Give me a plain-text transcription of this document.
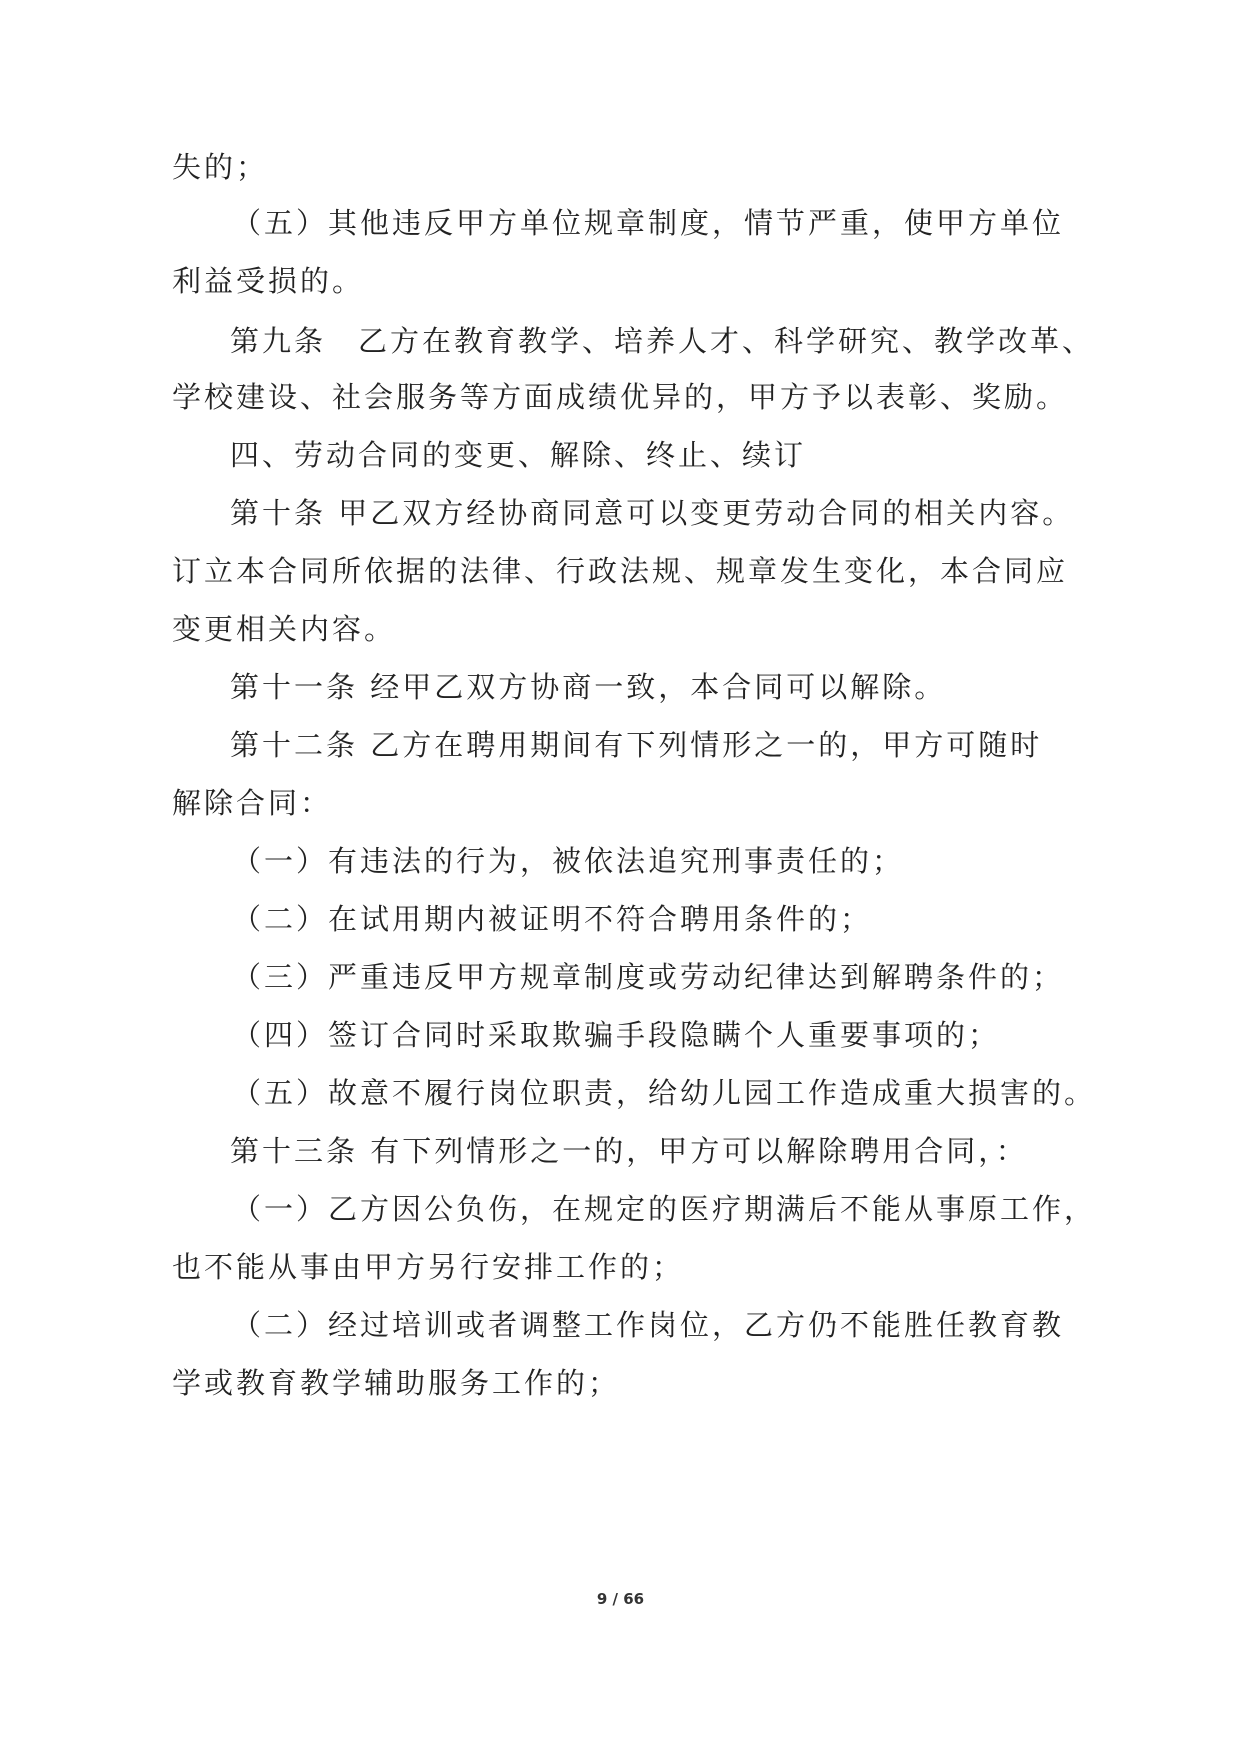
失的；
（五）其他违反甲方单位规章制度，情节严重，使甲方单位
利益受损的。
第九条　乙方在教育教学、培养人才、科学研究、教学改革、
学校建设、社会服务等方面成绩优异的，甲方予以表彰、奖励。
四、劳动合同的变更、解除、终止、续订
第十条 甲乙双方经协商同意可以变更劳动合同的相关内容。
订立本合同所依据的法律、行政法规、规章发生变化，本合同应
变更相关内容。
第十一条 经甲乙双方协商一致，本合同可以解除。
第十二条 乙方在聘用期间有下列情形之一的，甲方可随时
解除合同：
（一）有违法的行为，被依法追究刑事责任的；
（二）在试用期内被证明不符合聘用条件的；
（三）严重违反甲方规章制度或劳动纪律达到解聘条件的；
（四）签订合同时采取欺骗手段隐瞒个人重要事项的；
（五）故意不履行岗位职责，给幼儿园工作造成重大损害的。
第十三条 有下列情形之一的，甲方可以解除聘用合同，：
（一）乙方因公负伤，在规定的医疗期满后不能从事原工作，
也不能从事由甲方另行安排工作的；
（二）经过培训或者调整工作岗位，乙方仍不能胜任教育教
学或教育教学辅助服务工作的；
9 / 66
